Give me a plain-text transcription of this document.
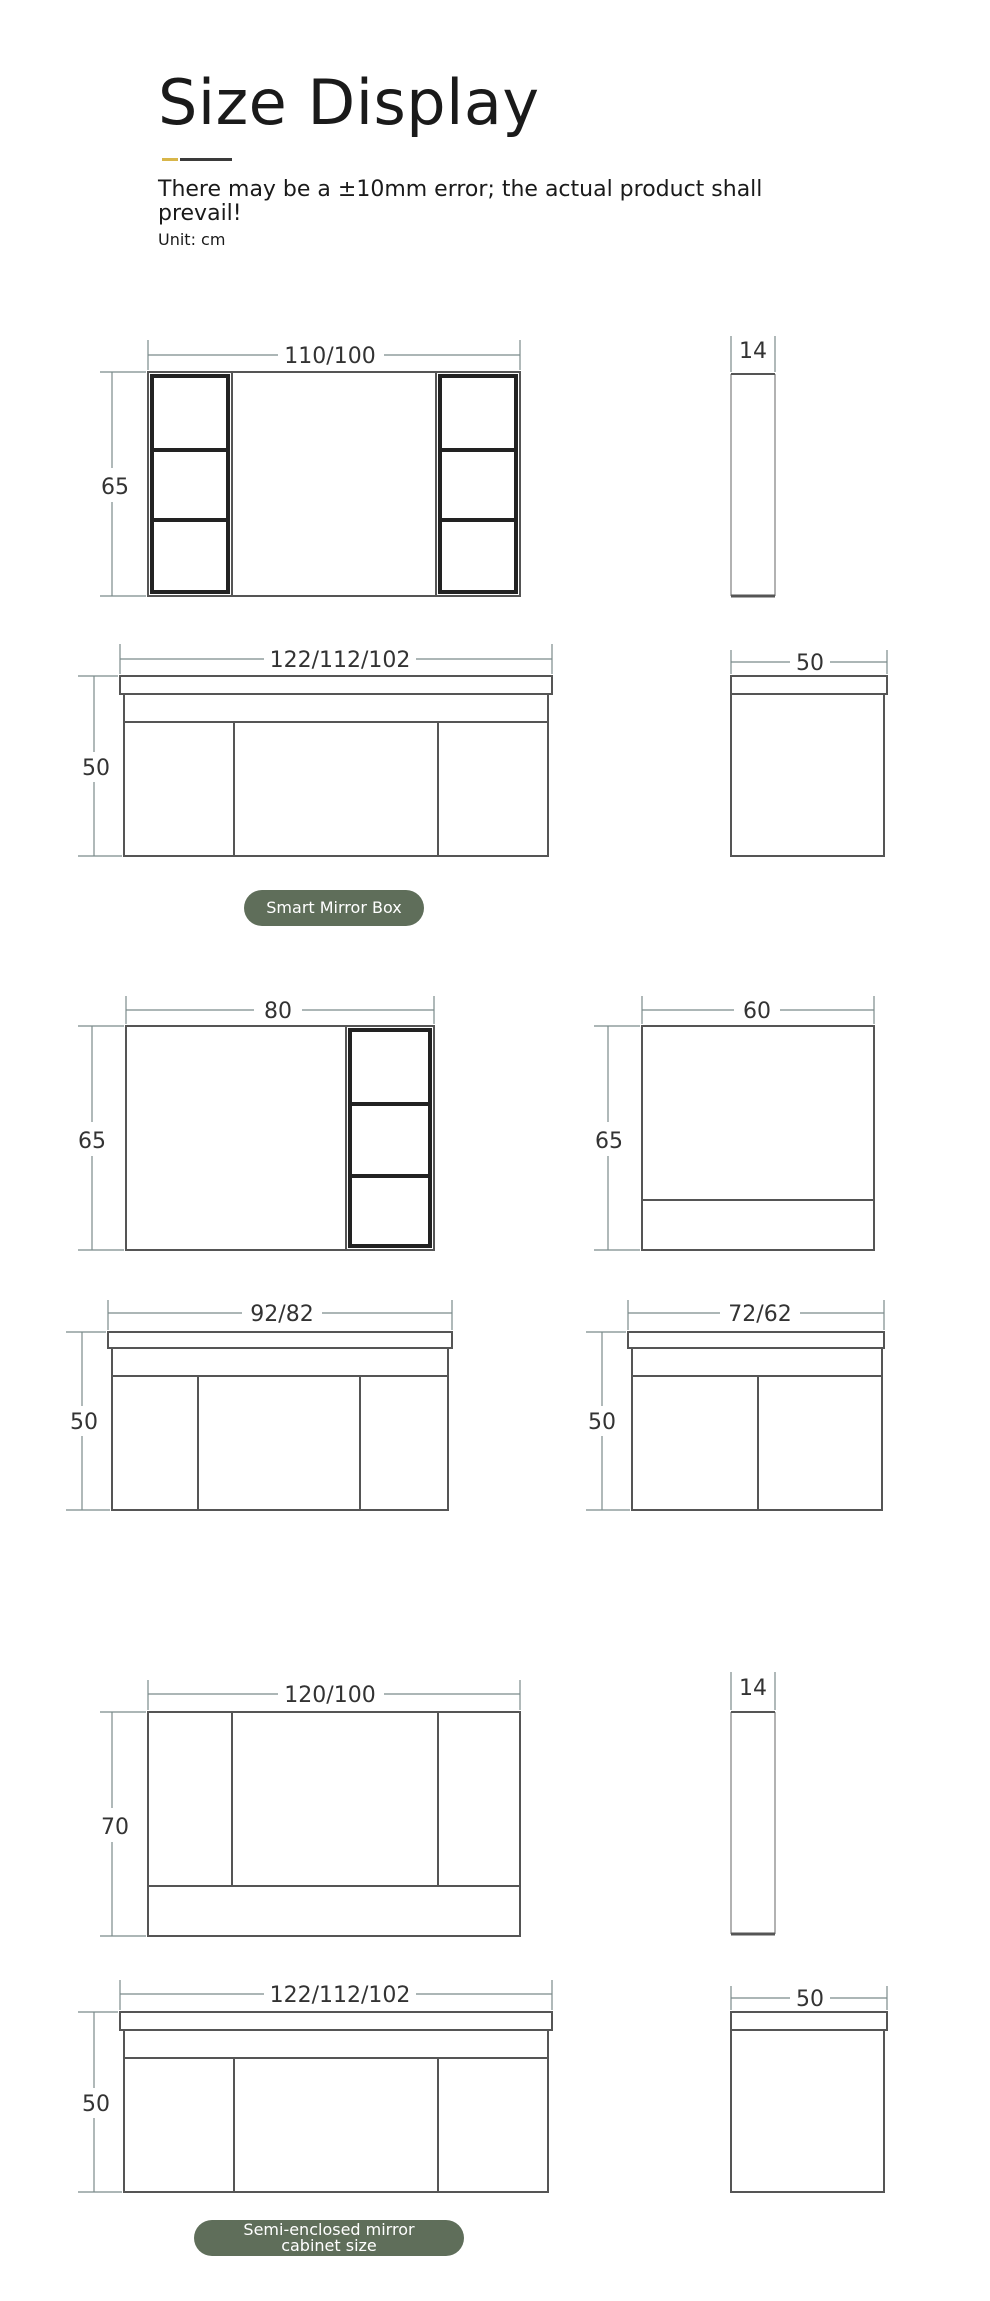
Size Display
There may be a ±10mm error; the actual product shall prevail!
Unit: cm
110/100
65
14
122/112/102
50
50
80
65
60
65
92/82
50
72/62
50
120/100
70
14
122/112/102
50
50
Smart Mirror Box
Semi-enclosed mirror
cabinet size
